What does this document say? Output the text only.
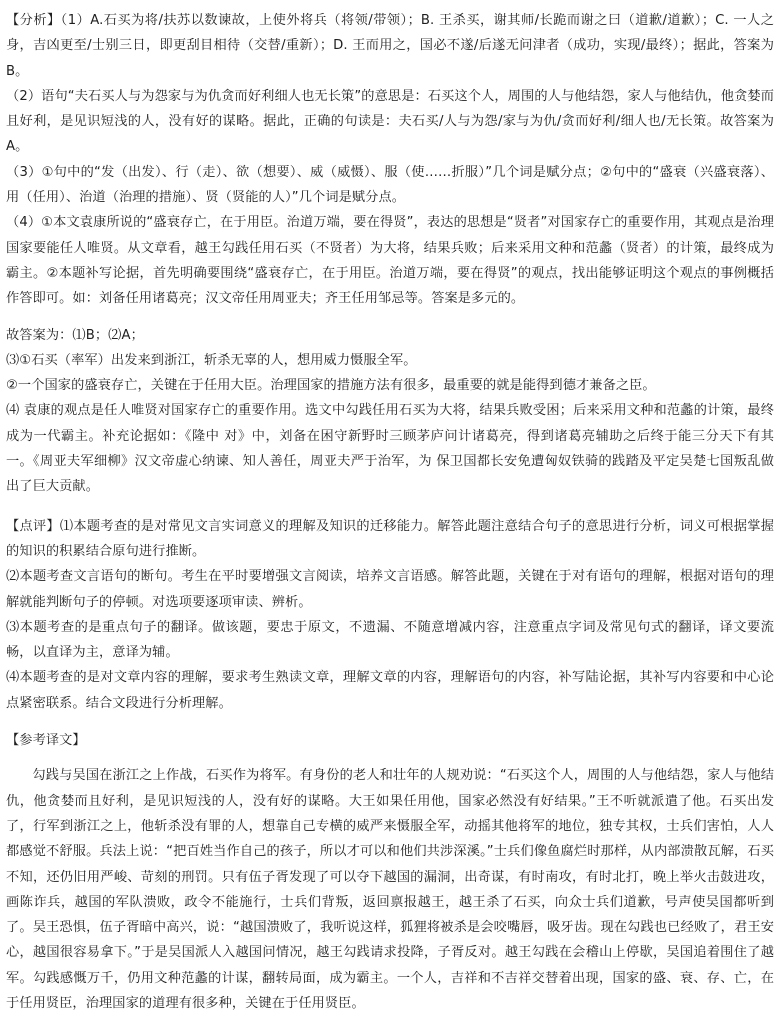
【分析】（1）A.石买为将/扶苏以数谏故，上使外将兵（将领/带领）；B. 王杀买，谢其师/长跪而谢之曰（道歉/道歉）；C. 一人之身，吉凶更至/士别三日，即更刮目相待（交替/重新）；D. 王而用之，国必不遂/后遂无问津者（成功，实现/最终）；据此，答案为B。

（2）语句“夫石买人与为怨家与为仇贪而好利细人也无长策”的意思是：石买这个人，周围的人与他结怨，家人与他结仇，他贪婪而且好利，是见识短浅的人，没有好的谋略。据此，正确的句读是：夫石买/人与为怨/家与为仇/贪而好利/细人也/无长策。故答案为A。

（3）①句中的“发（出发）、行（走）、欲（想要）、威（威慑）、服（使……折服）”几个词是赋分点；②句中的“盛衰（兴盛衰落）、用（任用）、治道（治理的措施）、贤（贤能的人）”几个词是赋分点。

（4）①本文袁康所说的“盛衰存亡，在于用臣。治道万端，要在得贤”，表达的思想是“贤者”对国家存亡的重要作用，其观点是治理国家要能任人唯贤。从文章看，越王勾践任用石买（不贤者）为大将，结果兵败；后来采用文种和范蠡（贤者）的计策，最终成为霸主。②本题补写论据，首先明确要围绕“盛衰存亡，在于用臣。治道万端，要在得贤”的观点，找出能够证明这个观点的事例概括作答即可。如：刘备任用诸葛亮；汉文帝任用周亚夫；齐王任用邹忌等。答案是多元的。

故答案为：⑴B；⑵A；

⑶①石买（率军）出发来到浙江，斩杀无辜的人，想用威力慑服全军。

②一个国家的盛衰存亡，关键在于任用大臣。治理国家的措施方法有很多，最重要的就是能得到德才兼备之臣。

⑷ 袁康的观点是任人唯贤对国家存亡的重要作用。选文中勾践任用石买为大将，结果兵败受困；后来采用文种和范蠡的计策，最终成为一代霸主。补充论据如：《隆中 对》中，刘备在困守新野时三顾茅庐问计诸葛亮，得到诸葛亮辅助之后终于能三分天下有其一。《周亚夫军细柳》汉文帝虚心纳谏、知人善任，周亚夫严于治军，为 保卫国都长安免遭匈奴铁骑的践踏及平定吴楚七国叛乱做出了巨大贡献。

【点评】⑴本题考查的是对常见文言实词意义的理解及知识的迁移能力。解答此题注意结合句子的意思进行分析，词义可根据掌握的知识的积累结合原句进行推断。

⑵本题考查文言语句的断句。考生在平时要增强文言阅读，培养文言语感。解答此题，关键在于对有语句的理解，根据对语句的理解就能判断句子的停顿。对选项要逐项审读、辨析。

⑶本题考查的是重点句子的翻译。做该题，要忠于原文，不遗漏、不随意增减内容，注意重点字词及常见句式的翻译，译文要流畅，以直译为主，意译为辅。

⑷本题考查的是对文章内容的理解，要求考生熟读文章，理解文章的内容，理解语句的内容，补写陆论据，其补写内容要和中心论点紧密联系。结合文段进行分析理解。

【参考译文】

勾践与吴国在浙江之上作战，石买作为将军。有身份的老人和壮年的人规劝说：“石买这个人，周围的人与他结怨，家人与他结仇，他贪婪而且好利，是见识短浅的人，没有好的谋略。大王如果任用他，国家必然没有好结果。”王不听就派遣了他。石买出发了，行军到浙江之上，他斩杀没有罪的人，想靠自己专横的威严来慑服全军，动摇其他将军的地位，独专其权，士兵们害怕，人人都感觉不舒服。兵法上说：“把百姓当作自己的孩子，所以才可以和他们共涉深溪。”士兵们像鱼腐烂时那样，从内部溃散瓦解，石买不知，还仍旧用严峻、苛刻的刑罚。只有伍子胥发现了可以夺下越国的漏洞，出奇谋，有时南攻，有时北打，晚上举火击鼓进攻，画陈诈兵，越国的军队溃败，政令不能施行，士兵们背叛，返回禀报越王，越王杀了石买，向众士兵们道歉，号声使吴国都听到了。吴王恐惧，伍子胥暗中高兴，说：“越国溃败了，我听说这样，狐狸将被杀是会咬嘴唇，吸牙齿。现在勾践也已经败了，君王安心，越国很容易拿下。”于是吴国派人入越国问情况，越王勾践请求投降，子胥反对。越王勾践在会稽山上停歇，吴国追着围住了越军。勾践感慨万千，仍用文种范蠡的计谋，翻转局面，成为霸主。一个人，吉祥和不吉祥交替着出现，国家的盛、衰、存、亡，在于任用贤臣，治理国家的道理有很多种，关键在于任用贤臣。
